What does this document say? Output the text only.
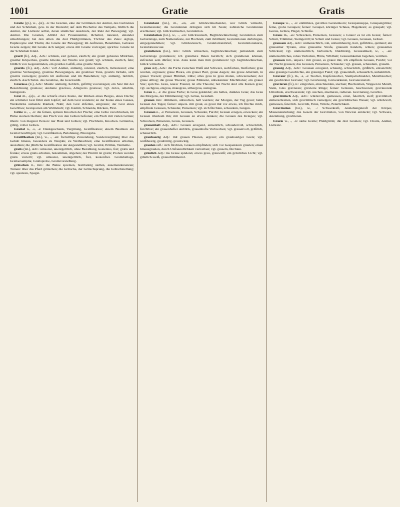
1001	Gratie	Gratis

Gratie (gr.), w., -(st), -n: bie Grazien, eine der Göttinnen der Anmut, des Liebreizes und der Schönheit, gew. in der Dreizahl; auf dem Hochaltar des Tempels, bildlich die Anmut, der Liebreiz selbst, deren sinnlicher Ausdruck, der Reiz der Bewegung; vgl. Anmut. Die Grazien, Abbild der Frauenanmut, lächelnd, tanzend, einander umschlungen; bei den Alten die drei Huldgöttinnen, Töchter des Zeus: Aglaja, Euphrosyne und Thalia; die Grazie der Bewegung; im Auftreten, Benehmen, Gebaren Grazie zeigen; mit Grazie sich neigen; etwas mit Grazie vortragen; sprichw. Grazie ist der Schönheit Kleid.

grazil (fr.), Adj., Adv.: schlank, zart gebaut, zierlich; ein grazil gebautes Mädchen, graziler Körperbau, grazile Glieder, der Wuchs war grazil; vgl. schlank, zierlich, fein; bildlich von Gegenständen, ein graziles Gefäß, eine grazile Säule.

graziös (fr.), Adj., Adv.: voll Anmut, anmutig, reizend, zierlich, liebreizend; eine graziöse Verbeugung, graziöse Bewegungen, ein graziöser Tanz, graziös lächeln, sich graziös verneigen; graziös im Auftreten und im Benehmen; vgl. anmutig, lieblich, zierlich. Auch Subst. das Graziöse, die Graziosität.

Grazioso (it.), Adv.: Musik: anmutig, lieblich, gefällig vorzutragen; ein Satz mit der Bezeichnung grazioso; Andante grazioso, Allegretto grazioso; vgl. dolce, amabile, lusingando.

Grat m., -(e)s, -e: die scharfe obere Kante, der Rücken eines Berges, eines Dachs; ein schmaler Grat führt zum Gipfel; auf dem Grat wandern; an der Kante eines Gusses, Werkstücks stehende Rauheit, Naht; den Grat abfeilen, entgraten; der Grat eines Gewölbes; Gratsparren am Walmdach; vgl. Kamm, Schneide, Rücken, First.

Gräte w., -, -n: die feinen, spitzen Knochen der Fische; eine Gräte verschlucken, im Halse stecken bleiben; den Fisch von den Gräten befreien; ein Fisch mit vielen Gräten; übertr. von magerer Person: nur Haut und Gräten; vgl. Fischbein, Knochen. Grätenlos, grätig, voller Gräten.

Gratial n., -s, -e: Dankgeschenk, Vergütung, Gratifikation; einem Beamten ein Gratial bewilligen; vgl. Gratifikation, Belohnung, Ehrengabe.

Gratifikation (lat.), w., -, -en: freiwillige Zuwendung, Sondervergütung über das Gehalt hinaus, besonders zu Neujahr, zu Weihnachten; eine Gratifikation erhalten, auszahlen; die jährliche Gratifikation der Angestellten; vgl. Gratial, Prämie, Tantieme.

gratis (lat.), Adv.: umsonst, unentgeltlich, ohne Bezahlung, kostenlos, frei; gratis und franko; etwas gratis erhalten, bekommen, abgeben; der Eintritt ist gratis; Proben werden gratis verteilt; vgl. umsonst, unentgeltlich, frei, kostenfrei. Gratisbeilage, Gratisexemplar, Gratisprobe, Gratisvorstellung.

grätschen tr., intr.: die Beine spreizen, breitbeinig stellen, auseinandersetzen; Turnen: über das Pferd grätschen; die Grätsche, der Grätschsprung, die Grätschstellung; vgl. spreizen, Spagat.

Gratulant (lat.), m., -en, -en: Glückwünschender, wer Glück wünscht, Gratulierender; die Gratulanten drängten sich im Saale; zahlreiche Gratulanten erschienen; vgl. Glückwünscher, Gratulation.

Gratulation (lat.), w., -, -en: Glückwunsch, Beglückwünschung; Gratulation zum Geburtstage, zum Namensfeste, zur Hochzeit, zum Jubiläum; Gratulationen darbringen, entgegennehmen; vgl. Glückwunsch, Gratulationsbrief, Gratulationskarte, Gratulationscour.

gratulieren (lat.), intr.: Glück wünschen, beglückwünschen; jemandem zum Geburtstage gratulieren; ich gratuliere Ihnen herzlich; sich gratulieren können, zufrieden sein dürfen; iron. dazu kann man ihm gratulieren! vgl. beglückwünschen, Glück wünschen.

grau Adj., Adv.: die Farbe zwischen Weiß und Schwarz, aschfarben, bleifarben; grau werden, ergrauen; graue Haare, ein grauer Bart, graue Augen; das graue Altertum, in grauer Vorzeit; grauer Himmel, trübe; alles grau in grau malen, schwarzsehen; der graue Alltag; die graue Theorie; graue Eminenz, unbekannter Machthaber; ein grauer Star; sprichw. Grau, teurer Freund, ist alle Theorie; bei Nacht sind alle Katzen grau; vgl. aschgrau, eisgrau, mausgrau, silbergrau, steingrau.

Grau n., -s: die graue Farbe; in Grau gekleidet; ein helles, dunkles Grau; das Grau des Morgens, der Dämmerung; vgl. Gräue, Grauheit.

grauen intr.: dämmern, anbrechen, hell werden; der Morgen, der Tag graut; beim Grauen des Tages; ferner: unpers. mir graut, es graut mir vor etwas, ich fürchte mich, empfinde Grausen, Schauder, Entsetzen; vgl. sich fürchten, schaudern, bangen.

Grauen n., -s: Entsetzen, Grausen, Schauder, Furcht; Grauen erregen, erwecken; ein Grauen überkam ihn; mit Grauen an etwas denken; die Grauen des Krieges; vgl. Schrecken, Entsetzen, Graus, Grausen.

grauenhaft Adj., Adv.: Grauen erregend, entsetzlich, schaudervoll, schrecklich, furchtbar; ein grauenhafter Anblick, grauenhafte Verbrechen; vgl. grauenvoll, gräßlich, schauerlich.

grauhaarig Adj.: mit grauen Haaren, ergraut; ein grauhaariger Greis; vgl. weißhaarig, graubärtig, graulockig.

graulen refl.: sich fürchten, Grauen empfinden; sich vor Gespenstern graulen; einen hinausgraulen, durch Unfreundlichkeit vertreiben; vgl. gruseln, fürchten.

gräulich Adj.: ins Graue spielend, etwas grau, grauweiß; ein gräuliches Licht; vgl. gräulich-weiß, grauschimmernd.

Graupe w., -, -n: enthülstes, gerolltes Gerstenkorn; Graupensuppe, Graupengrütze; feine, grobe Graupen; ferner: Graupel, körniger Schnee, Hagelkorn; es graupelt; vgl. Gerste, Grütze, Hagel, Schloße.

Graus m., -es: Schrecken, Entsetzen, Grausen; o Graus! es ist ein Graus; ferner: Schutt, Trümmer, Steingeröll; in Schutt und Graus; vgl. Grauen, Grausen, Gräuel.

grausam Adj., Adv.: unmenschlich, roh, unbarmherzig, hart, gefühllos, quälend; ein grausamer Tyrann, eine grausame Strafe, grausam handeln, wüten; grausames Schicksal; vgl. unmenschlich, barbarisch, blutdürstig. Grausamkeit, w., -, -en: unmenschliches, rohes Verhalten, Härte, Wildheit; Grausamkeiten begehen, verüben.

grausen intr., unpers.: mir graust, es graust mir, ich empfinde Grauen, Furcht; vor der Nacht grausen; das Grausen, Entsetzen, Schauder; vgl. grauen, schaudern, gruseln.

grausig Adj., Adv.: Grausen erregend, schaurig, schrecklich, gräßlich, entsetzlich; eine grausige Geschichte, ein grausiger Fund; vgl. grauenhaft, schauerlich, unheimlich.

Graveur (fr.), m., -s, -e: Stecher, Kupferstecher, Stempelschneider, Metallstecher; ein geschickter Graveur; vgl. Gravierung, Graveurkunst, Graveuranstalt.

gravieren (fr.), tr.: eingraben, einschneiden, stechen; Buchstaben, Wappen in Metall, Stein, Glas gravieren; gravierte Ringe; ferner: belasten, beschweren; gravierende Umstände, erschwerende; vgl. stechen, ziselieren, radieren. Gravierung, Gravüre.

gravitätisch Adj., Adv.: würdevoll, gemessen, ernst, feierlich, steif; gravitätisch einherschreiten, sich gravitätisch verneigen; ein gravitätisches Wesen; vgl. würdevoll, gemessen, feierlich. Gravität, Ernst, Würde, Feierlichkeit.

Gravitation (lat.), w., -: Schwerkraft, Anziehungskraft der Körper, Massenanziehung; das Gesetz der Gravitation, von Newton entdeckt; vgl. Schwere, Anziehung, gravitieren.

Grazie w., -, -n: siehe Gratie; Huldgöttin; die drei Grazien; vgl. Charis, Anmut, Liebreiz.
